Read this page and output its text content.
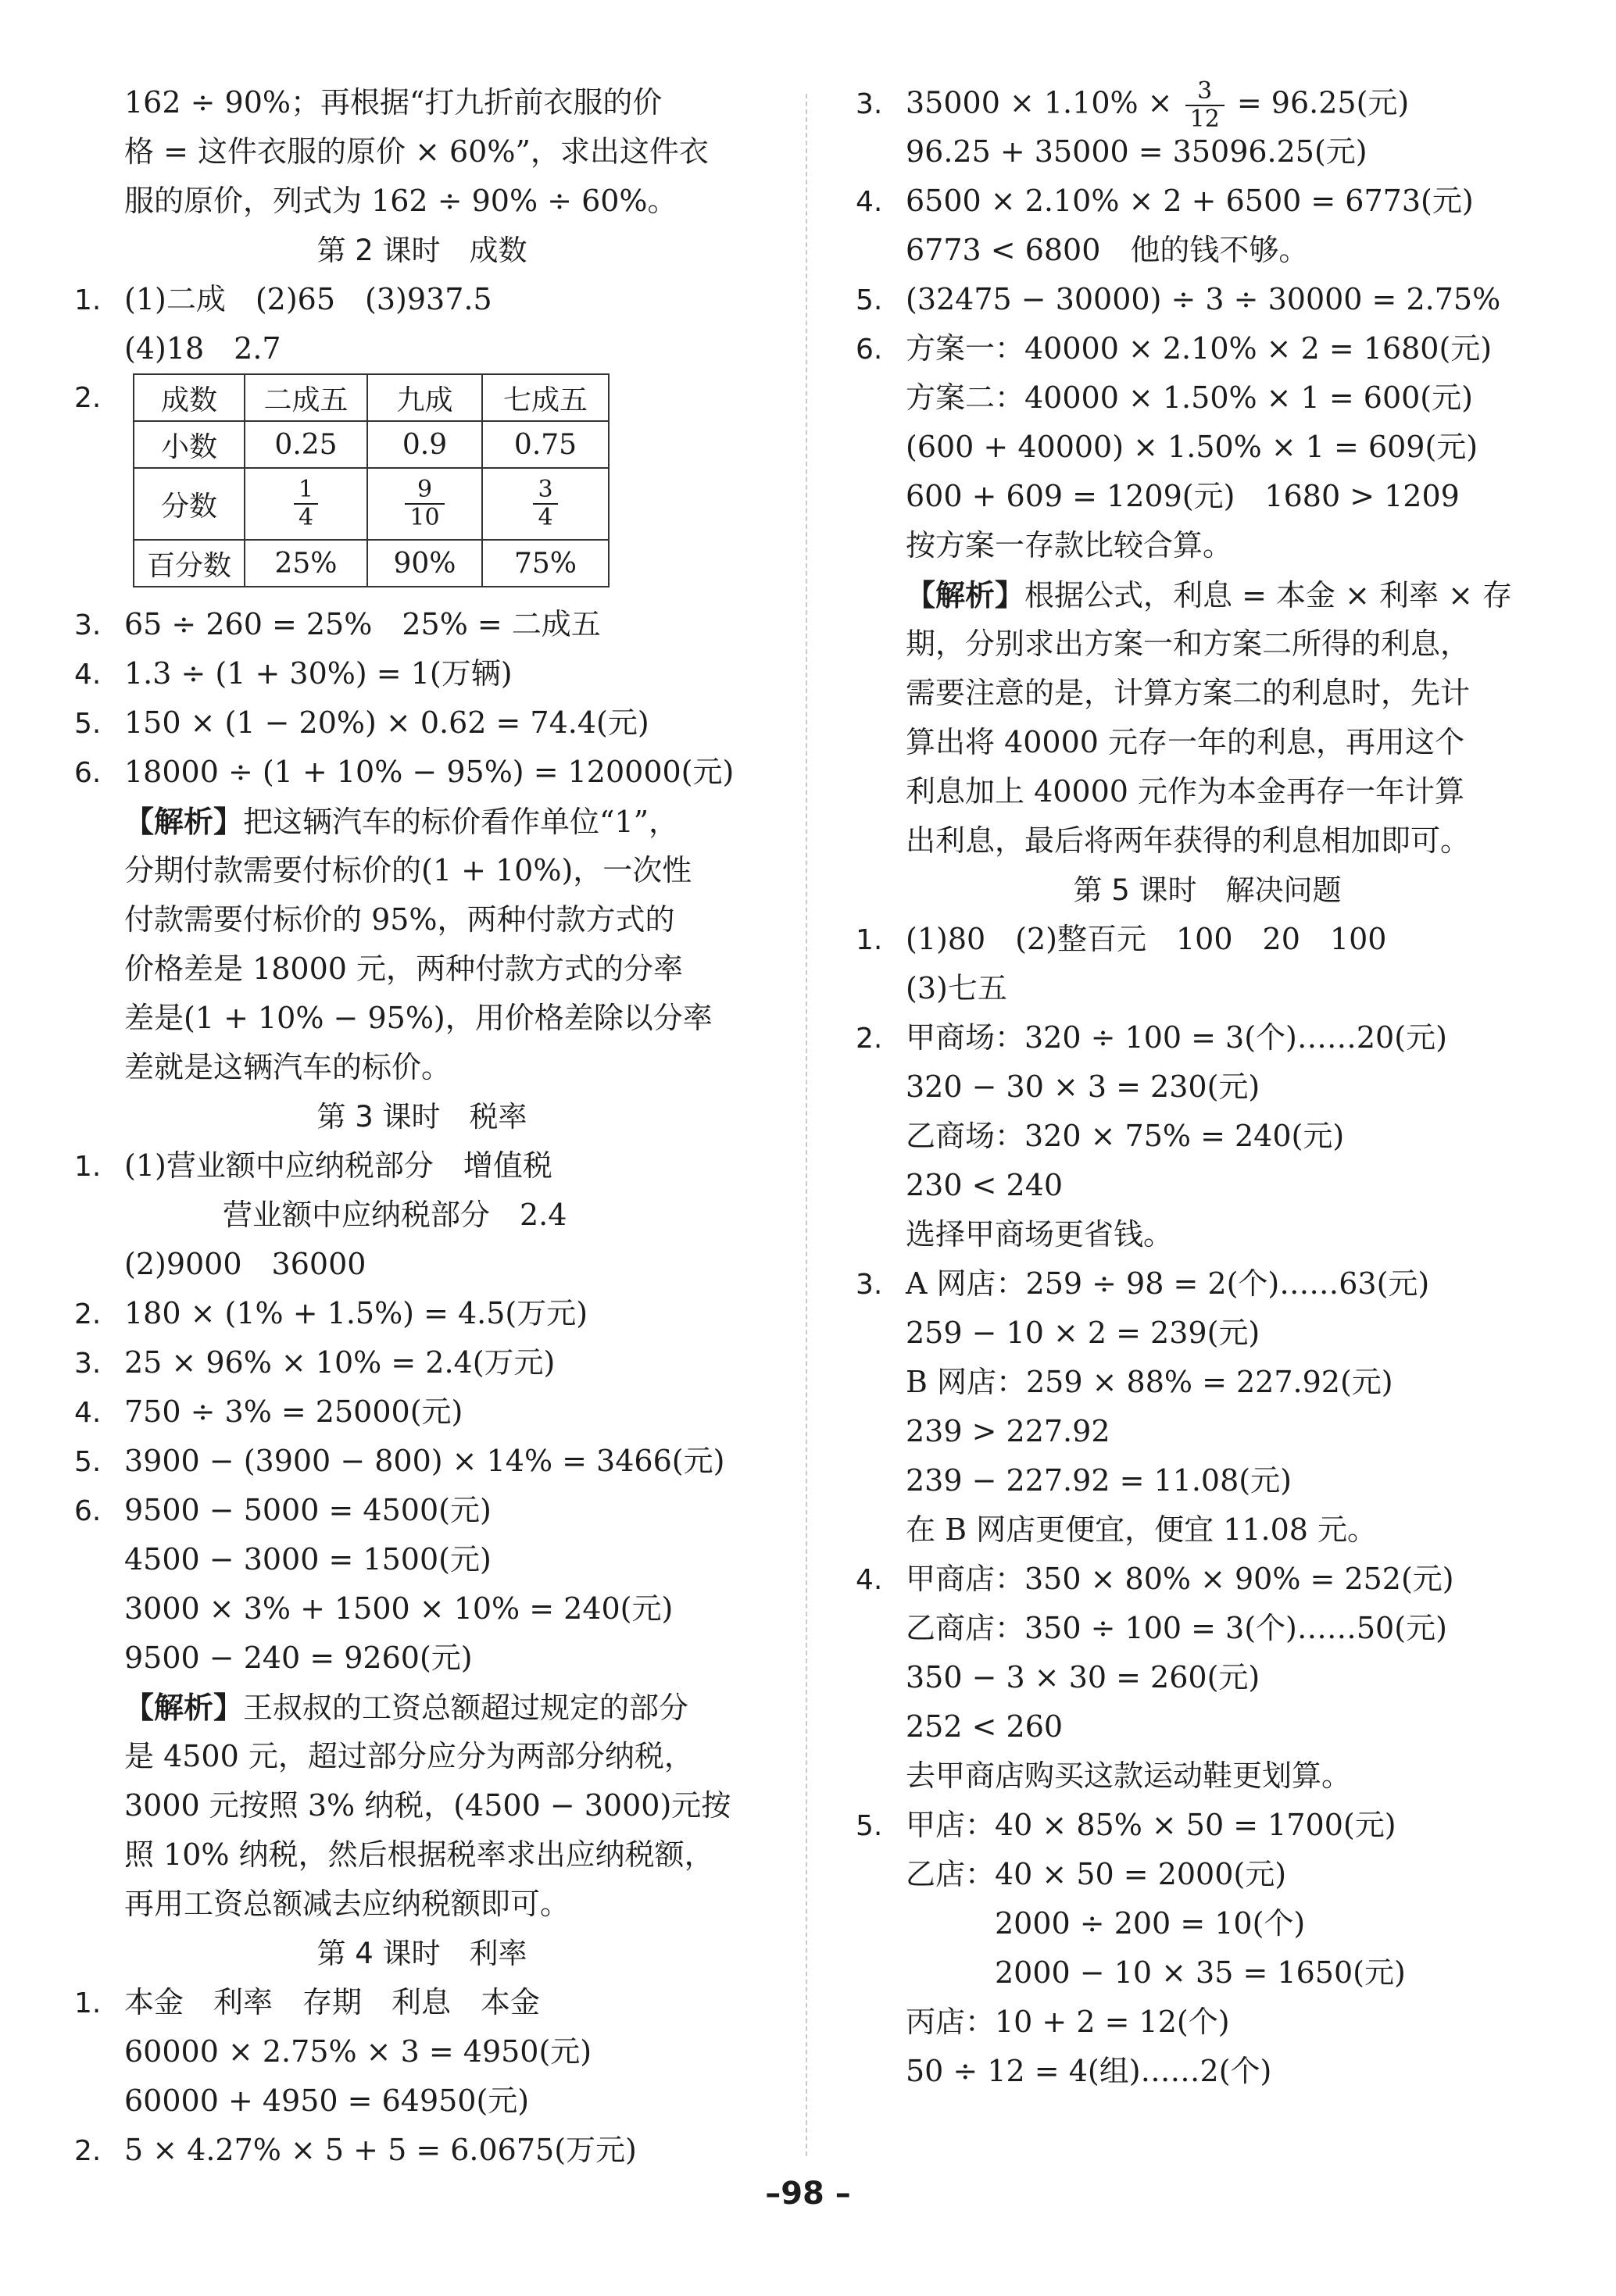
162 ÷ 90%；再根据“打九折前衣服的价
格 = 这件衣服的原价 × 60%”，求出这件衣
服的原价，列式为 162 ÷ 90% ÷ 60%。
第 2 课时　成数
1. (1)二成　(2)65　(3)937.5
(4)18　2.7
2. 成数	二成五	九成	七成五
小数	0.25	0.9	0.75
分数	$\frac{1}{4}$	$\frac{9}{10}$	$\frac{3}{4}$

百分数	25%	90%	75%
3. 65 ÷ 260 = 25%　25% = 二成五
4. 1.3 ÷ (1 + 30%) = 1(万辆)
5. 150 × (1 − 20%) × 0.62 = 74.4(元)
6. 18000 ÷ (1 + 10% − 95%) = 120000(元)
【解析】把这辆汽车的标价看作单位“1”，
分期付款需要付标价的(1 + 10%)，一次性
付款需要付标价的 95%，两种付款方式的
价格差是 18000 元，两种付款方式的分率
差是(1 + 10% − 95%)，用价格差除以分率
差就是这辆汽车的标价。
第 3 课时　税率
1. (1)营业额中应纳税部分　增值税
营业额中应纳税部分　2.4
(2)9000　36000
2. 180 × (1% + 1.5%) = 4.5(万元)
3. 25 × 96% × 10% = 2.4(万元)
4. 750 ÷ 3% = 25000(元)
5. 3900 − (3900 − 800) × 14% = 3466(元)
6. 9500 − 5000 = 4500(元)
4500 − 3000 = 1500(元)
3000 × 3% + 1500 × 10% = 240(元)
9500 − 240 = 9260(元)
【解析】王叔叔的工资总额超过规定的部分
是 4500 元，超过部分应分为两部分纳税，
3000 元按照 3% 纳税，(4500 − 3000)元按
照 10% 纳税，然后根据税率求出应纳税额，
再用工资总额减去应纳税额即可。
第 4 课时　利率
1. 本金　利率　存期　利息　本金
60000 × 2.75% × 3 = 4950(元)
60000 + 4950 = 64950(元)
2. 5 × 4.27% × 5 + 5 = 6.0675(万元)
3. $35000 \times 1.10\% \times \frac{3}{12} = 96.25$(元)
96.25 + 35000 = 35096.25(元)
4. 6500 × 2.10% × 2 + 6500 = 6773(元)
6773 < 6800　他的钱不够。
5. (32475 − 30000) ÷ 3 ÷ 30000 = 2.75%
6. 方案一：40000 × 2.10% × 2 = 1680(元)
方案二：40000 × 1.50% × 1 = 600(元)
(600 + 40000) × 1.50% × 1 = 609(元)
600 + 609 = 1209(元)　1680 > 1209
按方案一存款比较合算。
【解析】根据公式，利息 = 本金 × 利率 × 存
期，分别求出方案一和方案二所得的利息，
需要注意的是，计算方案二的利息时，先计
算出将 40000 元存一年的利息，再用这个
利息加上 40000 元作为本金再存一年计算
出利息，最后将两年获得的利息相加即可。
第 5 课时　解决问题
1. (1)80　(2)整百元　100　20　100
(3)七五
2. 甲商场：320 ÷ 100 = 3(个)……20(元)
320 − 30 × 3 = 230(元)
乙商场：320 × 75% = 240(元)
230 < 240
选择甲商场更省钱。
3. A 网店：259 ÷ 98 = 2(个)……63(元)
259 − 10 × 2 = 239(元)
B 网店：259 × 88% = 227.92(元)
239 > 227.92
239 − 227.92 = 11.08(元)
在 B 网店更便宜，便宜 11.08 元。
4. 甲商店：350 × 80% × 90% = 252(元)
乙商店：350 ÷ 100 = 3(个)……50(元)
350 − 3 × 30 = 260(元)
252 < 260
去甲商店购买这款运动鞋更划算。
5. 甲店：40 × 85% × 50 = 1700(元)
乙店：40 × 50 = 2000(元)
　2000 ÷ 200 = 10(个)
　2000 − 10 × 35 = 1650(元)
丙店：10 + 2 = 12(个)
50 ÷ 12 = 4(组)……2(个)
–98 –
